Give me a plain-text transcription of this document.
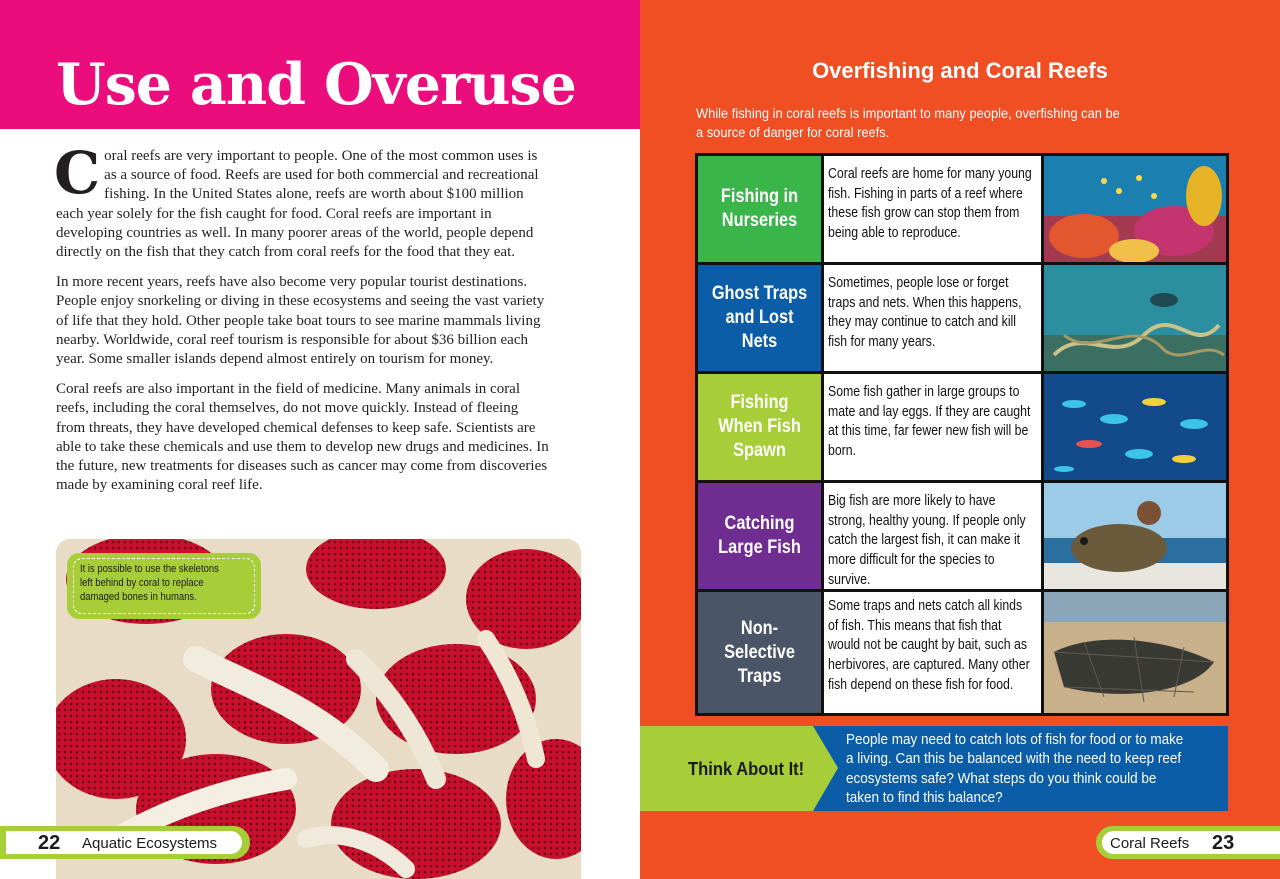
Use and Overuse

Coral reefs are very important to people. One of the most common uses is as a source of food. Reefs are used for both commercial and recreational fishing. In the United States alone, reefs are worth about $100 million each year solely for the fish caught for food. Coral reefs are important in developing countries as well. In many poorer areas of the world, people depend directly on the fish that they catch from coral reefs for the food that they eat.

In more recent years, reefs have also become very popular tourist destinations. People enjoy snorkeling or diving in these ecosystems and seeing the vast variety of life that they hold. Other people take boat tours to see marine mammals living nearby. Worldwide, coral reef tourism is responsible for about $36 billion each year. Some smaller islands depend almost entirely on tourism for money.

Coral reefs are also important in the field of medicine. Many animals in coral reefs, including the coral themselves, do not move quickly. Instead of fleeing from threats, they have developed chemical defenses to keep safe. Scientists are able to take these chemicals and use them to develop new drugs and medicines. In the future, new treatments for diseases such as cancer may come from discoveries made by examining coral reef life.

It is possible to use the skeletons left behind by coral to replace damaged bones in humans.
22 Aquatic Ecosystems
Overfishing and Coral Reefs

While fishing in coral reefs is important to many people, overfishing can be a source of danger for coral reefs.

Fishing in Nurseries
Coral reefs are home for many young fish. Fishing in parts of a reef where these fish grow can stop them from being able to reproduce.
Ghost Traps and Lost Nets
Sometimes, people lose or forget traps and nets. When this happens, they may continue to catch and kill fish for many years.
Fishing When Fish Spawn
Some fish gather in large groups to mate and lay eggs. If they are caught at this time, far fewer new fish will be born.
Catching Large Fish
Big fish are more likely to have strong, healthy young. If people only catch the largest fish, it can make it more difficult for the species to survive.
Non-Selective Traps
Some traps and nets catch all kinds of fish. This means that fish that would not be caught by bait, such as herbivores, are captured. Many other fish depend on these fish for food.
Think About It!
People may need to catch lots of fish for food or to make a living. Can this be balanced with the need to keep reef ecosystems safe? What steps do you think could be taken to find this balance?
Coral Reefs 23
